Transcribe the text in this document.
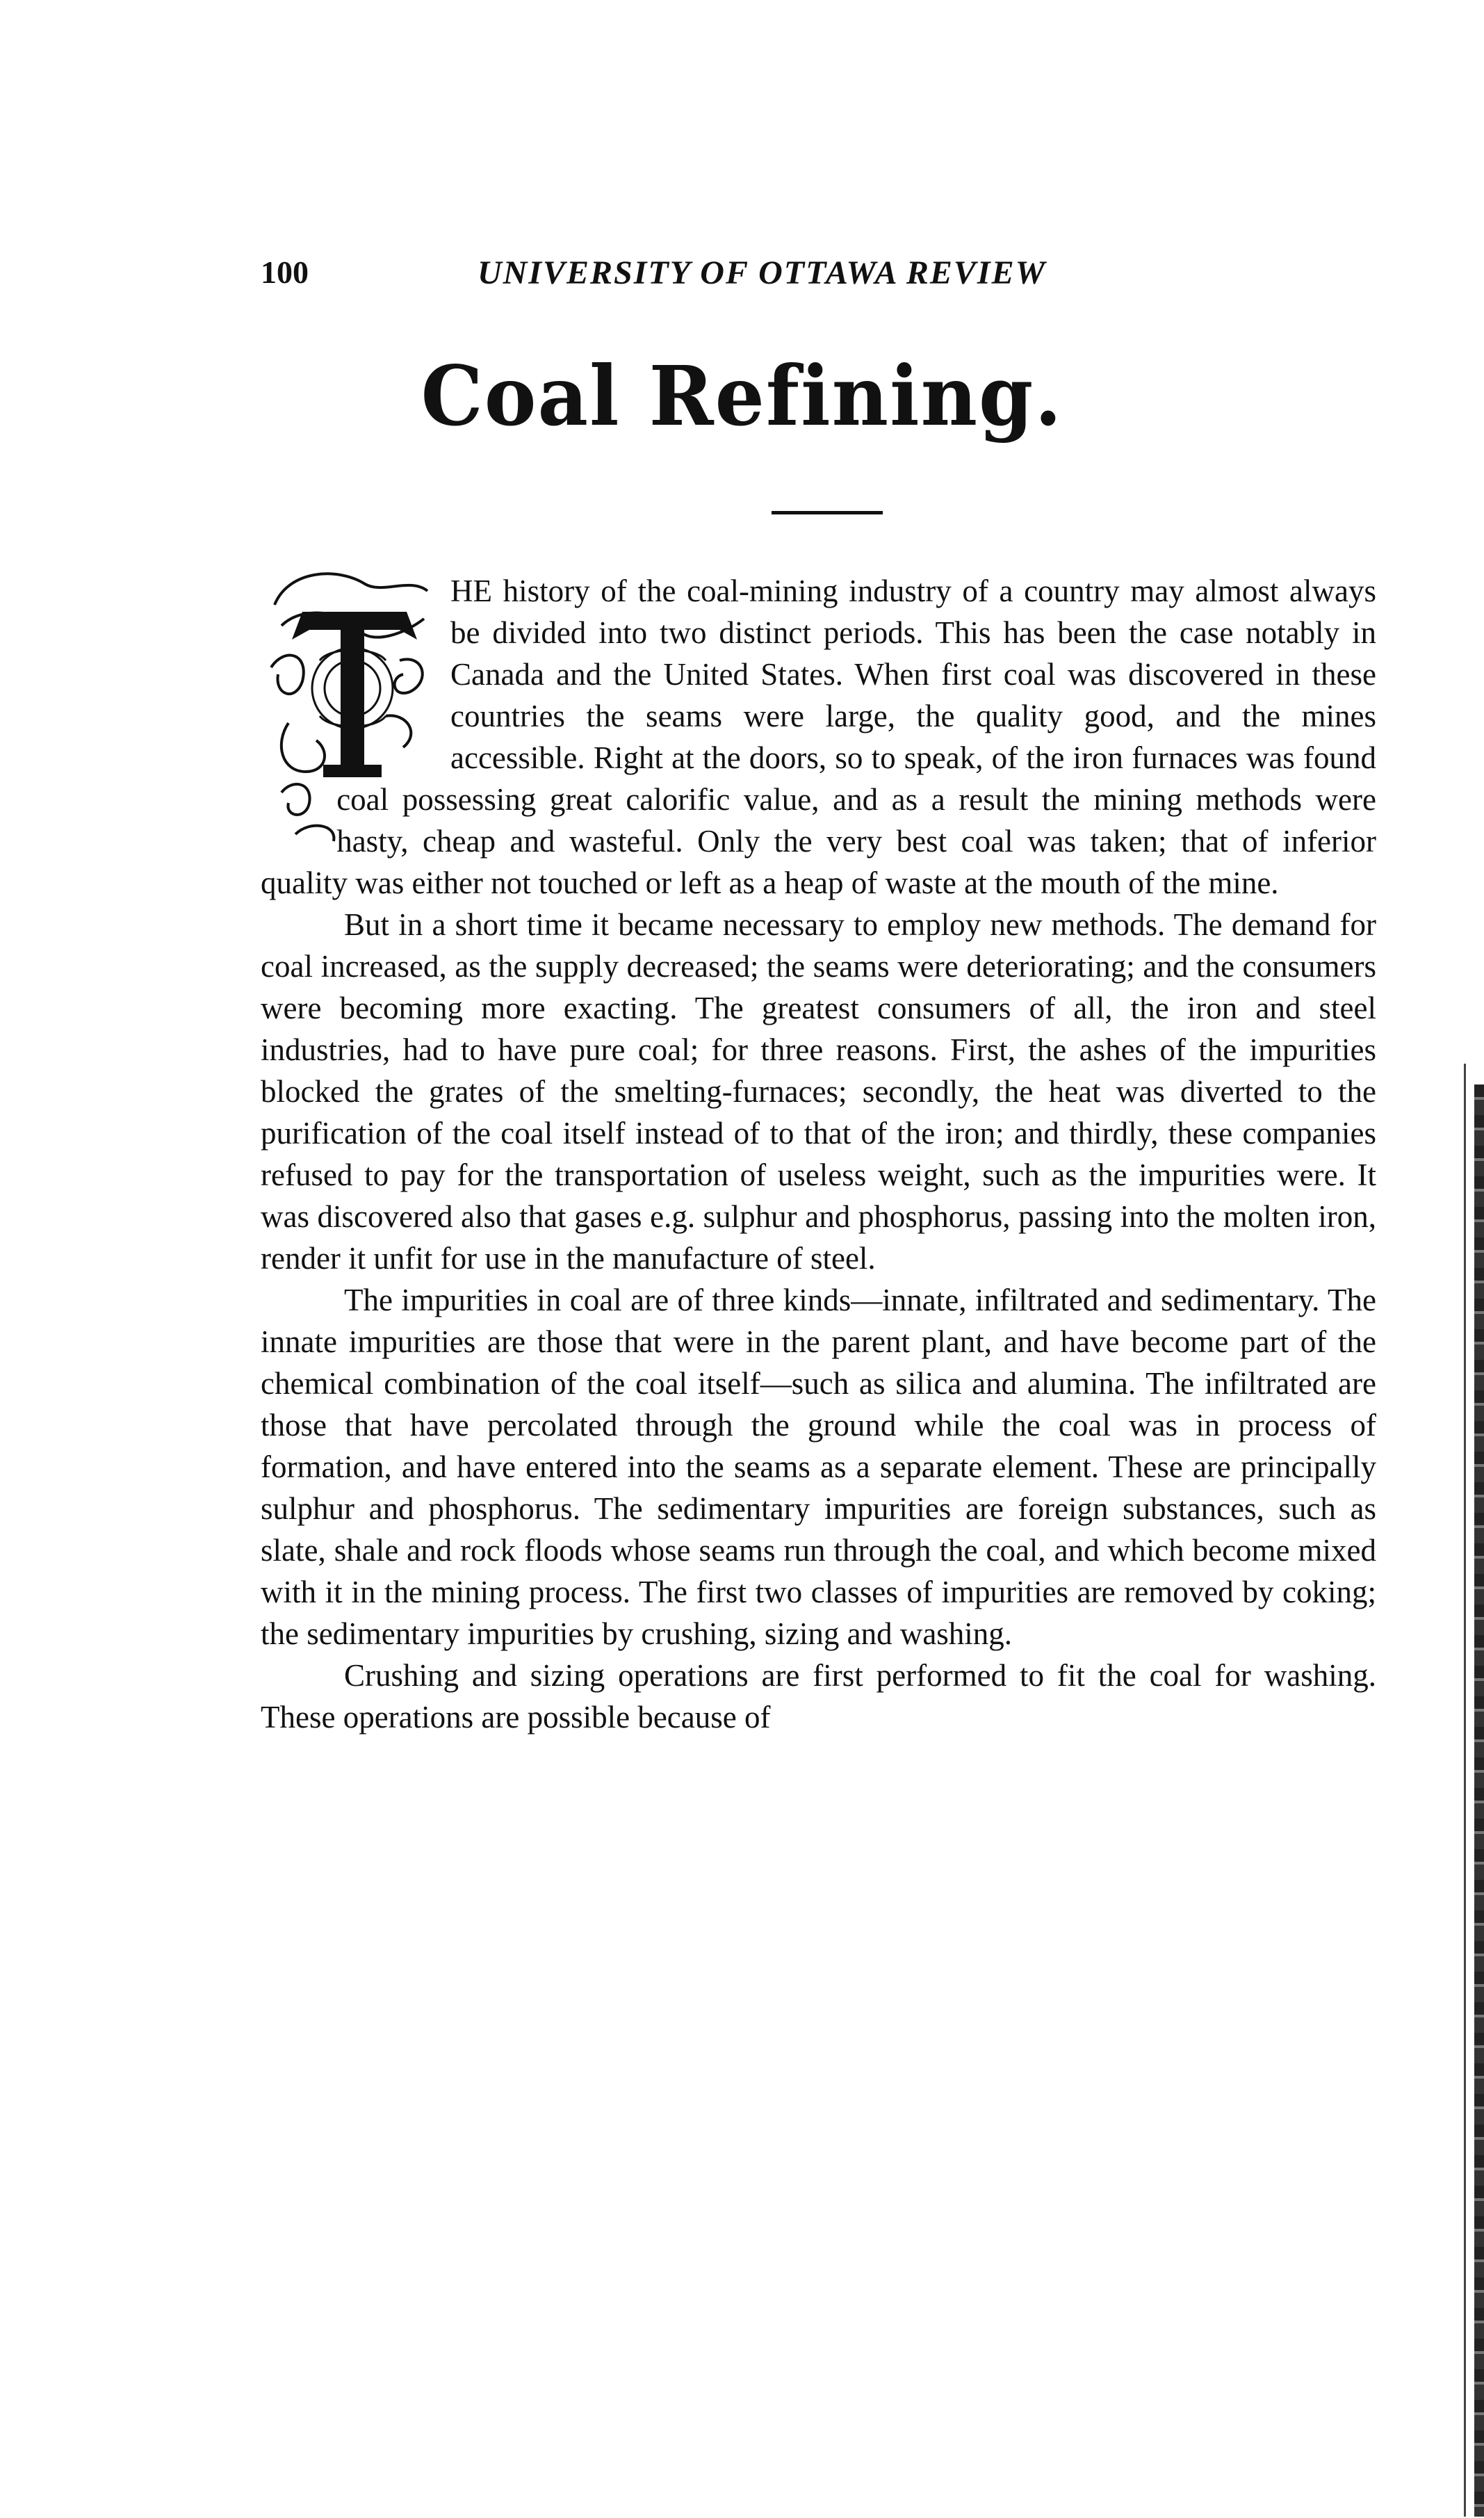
100	UNIVERSITY OF OTTAWA REVIEW
Coal Refining.

HE history of the coal-mining industry of a country may almost always be divided into two distinct periods. This has been the case notably in Canada and the United States. When first coal was discovered in these countries the seams were large, the quality good, and the mines accessible. Right at the doors, so to speak, of the iron furnaces was found coal possessing great calorific value, and as a result the mining methods were hasty, cheap and wasteful. Only the very best coal was taken; that of inferior quality was either not touched or left as a heap of waste at the mouth of the mine.

But in a short time it became necessary to employ new methods. The demand for coal increased, as the supply decreased; the seams were deteriorating; and the consumers were becoming more exacting. The greatest consumers of all, the iron and steel industries, had to have pure coal; for three reasons. First, the ashes of the impurities blocked the grates of the smelting-furnaces; secondly, the heat was diverted to the purification of the coal itself instead of to that of the iron; and thirdly, these companies refused to pay for the transportation of useless weight, such as the impurities were. It was discovered also that gases e.g. sulphur and phosphorus, passing into the molten iron, render it unfit for use in the manufacture of steel.

The impurities in coal are of three kinds—innate, infiltrated and sedimentary. The innate impurities are those that were in the parent plant, and have become part of the chemical combination of the coal itself—such as silica and alumina. The infiltrated are those that have percolated through the ground while the coal was in process of formation, and have entered into the seams as a separate element. These are principally sulphur and phosphorus. The sedimentary impurities are foreign substances, such as slate, shale and rock floods whose seams run through the coal, and which become mixed with it in the mining process. The first two classes of impurities are removed by coking; the sedimentary impurities by crushing, sizing and washing.

Crushing and sizing operations are first performed to fit the coal for washing. These operations are possible because of
